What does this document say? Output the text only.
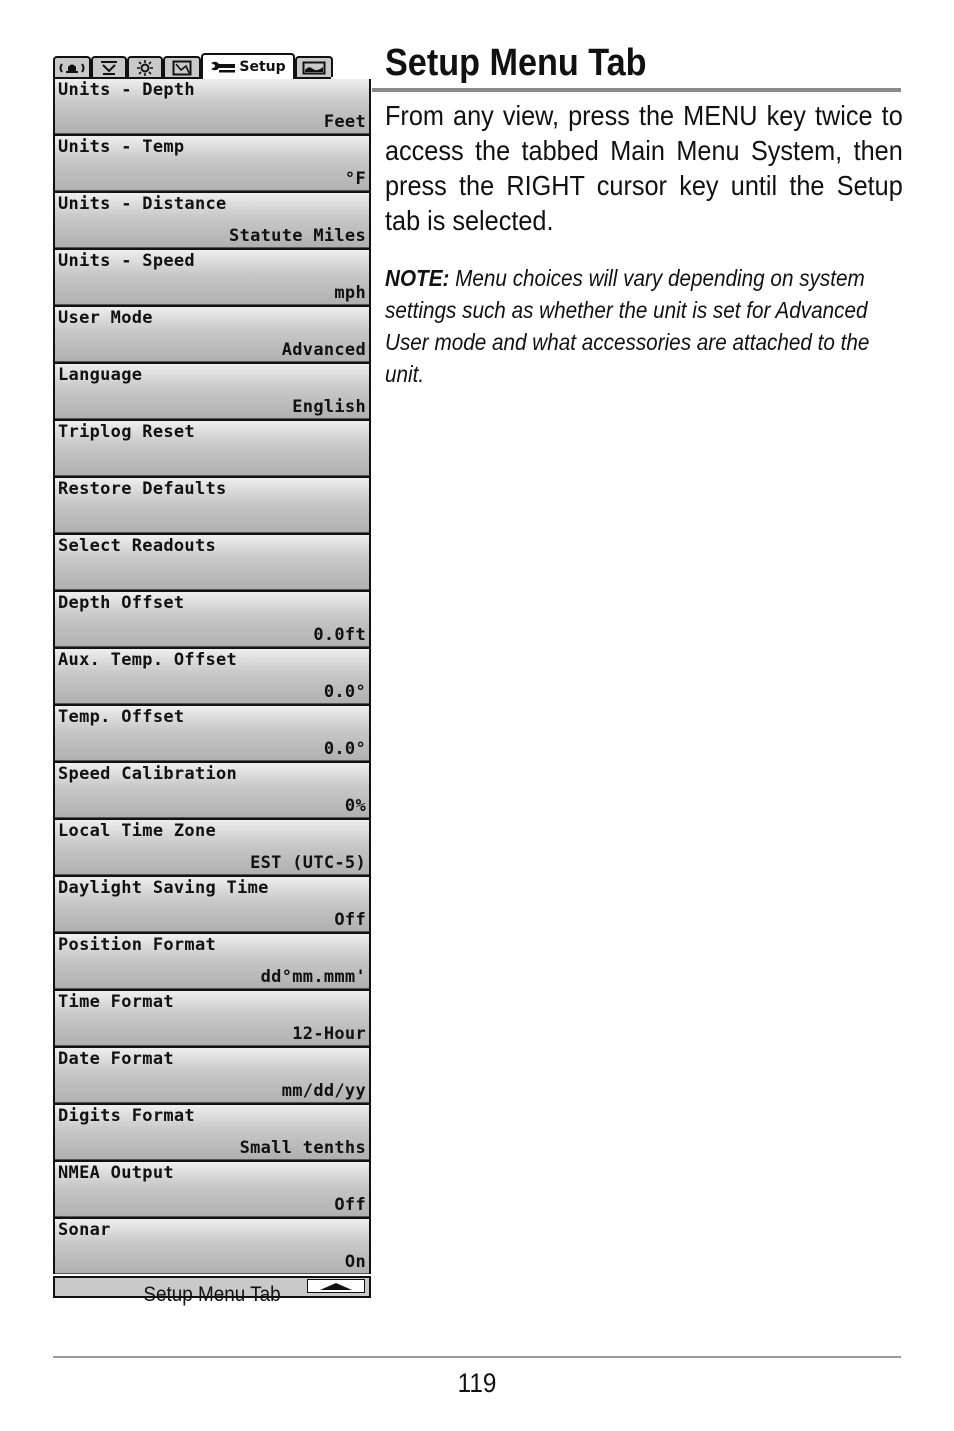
Setup
Units - Depth
Feet
Units - Temp
°F
Units - Distance
Statute Miles
Units - Speed
mph
User Mode
Advanced
Language
English
Triplog Reset
Restore Defaults
Select Readouts
Depth Offset
0.0ft
Aux. Temp. Offset
0.0°
Temp. Offset
0.0°
Speed Calibration
0%
Local Time Zone
EST (UTC-5)
Daylight Saving Time
Off
Position Format
dd°mm.mmm'
Time Format
12-Hour
Date Format
mm/dd/yy
Digits Format
Small tenths
NMEA Output
Off
Sonar
On
Setup Menu Tab
Setup Menu Tab
From any view, press the MENU key twice to access the tabbed Main Menu System, then press the RIGHT cursor key until the Setup tab is selected.
NOTE: Menu choices will vary depending on system settings such as whether the unit is set for Advanced User mode and what accessories are attached to the unit.
119
